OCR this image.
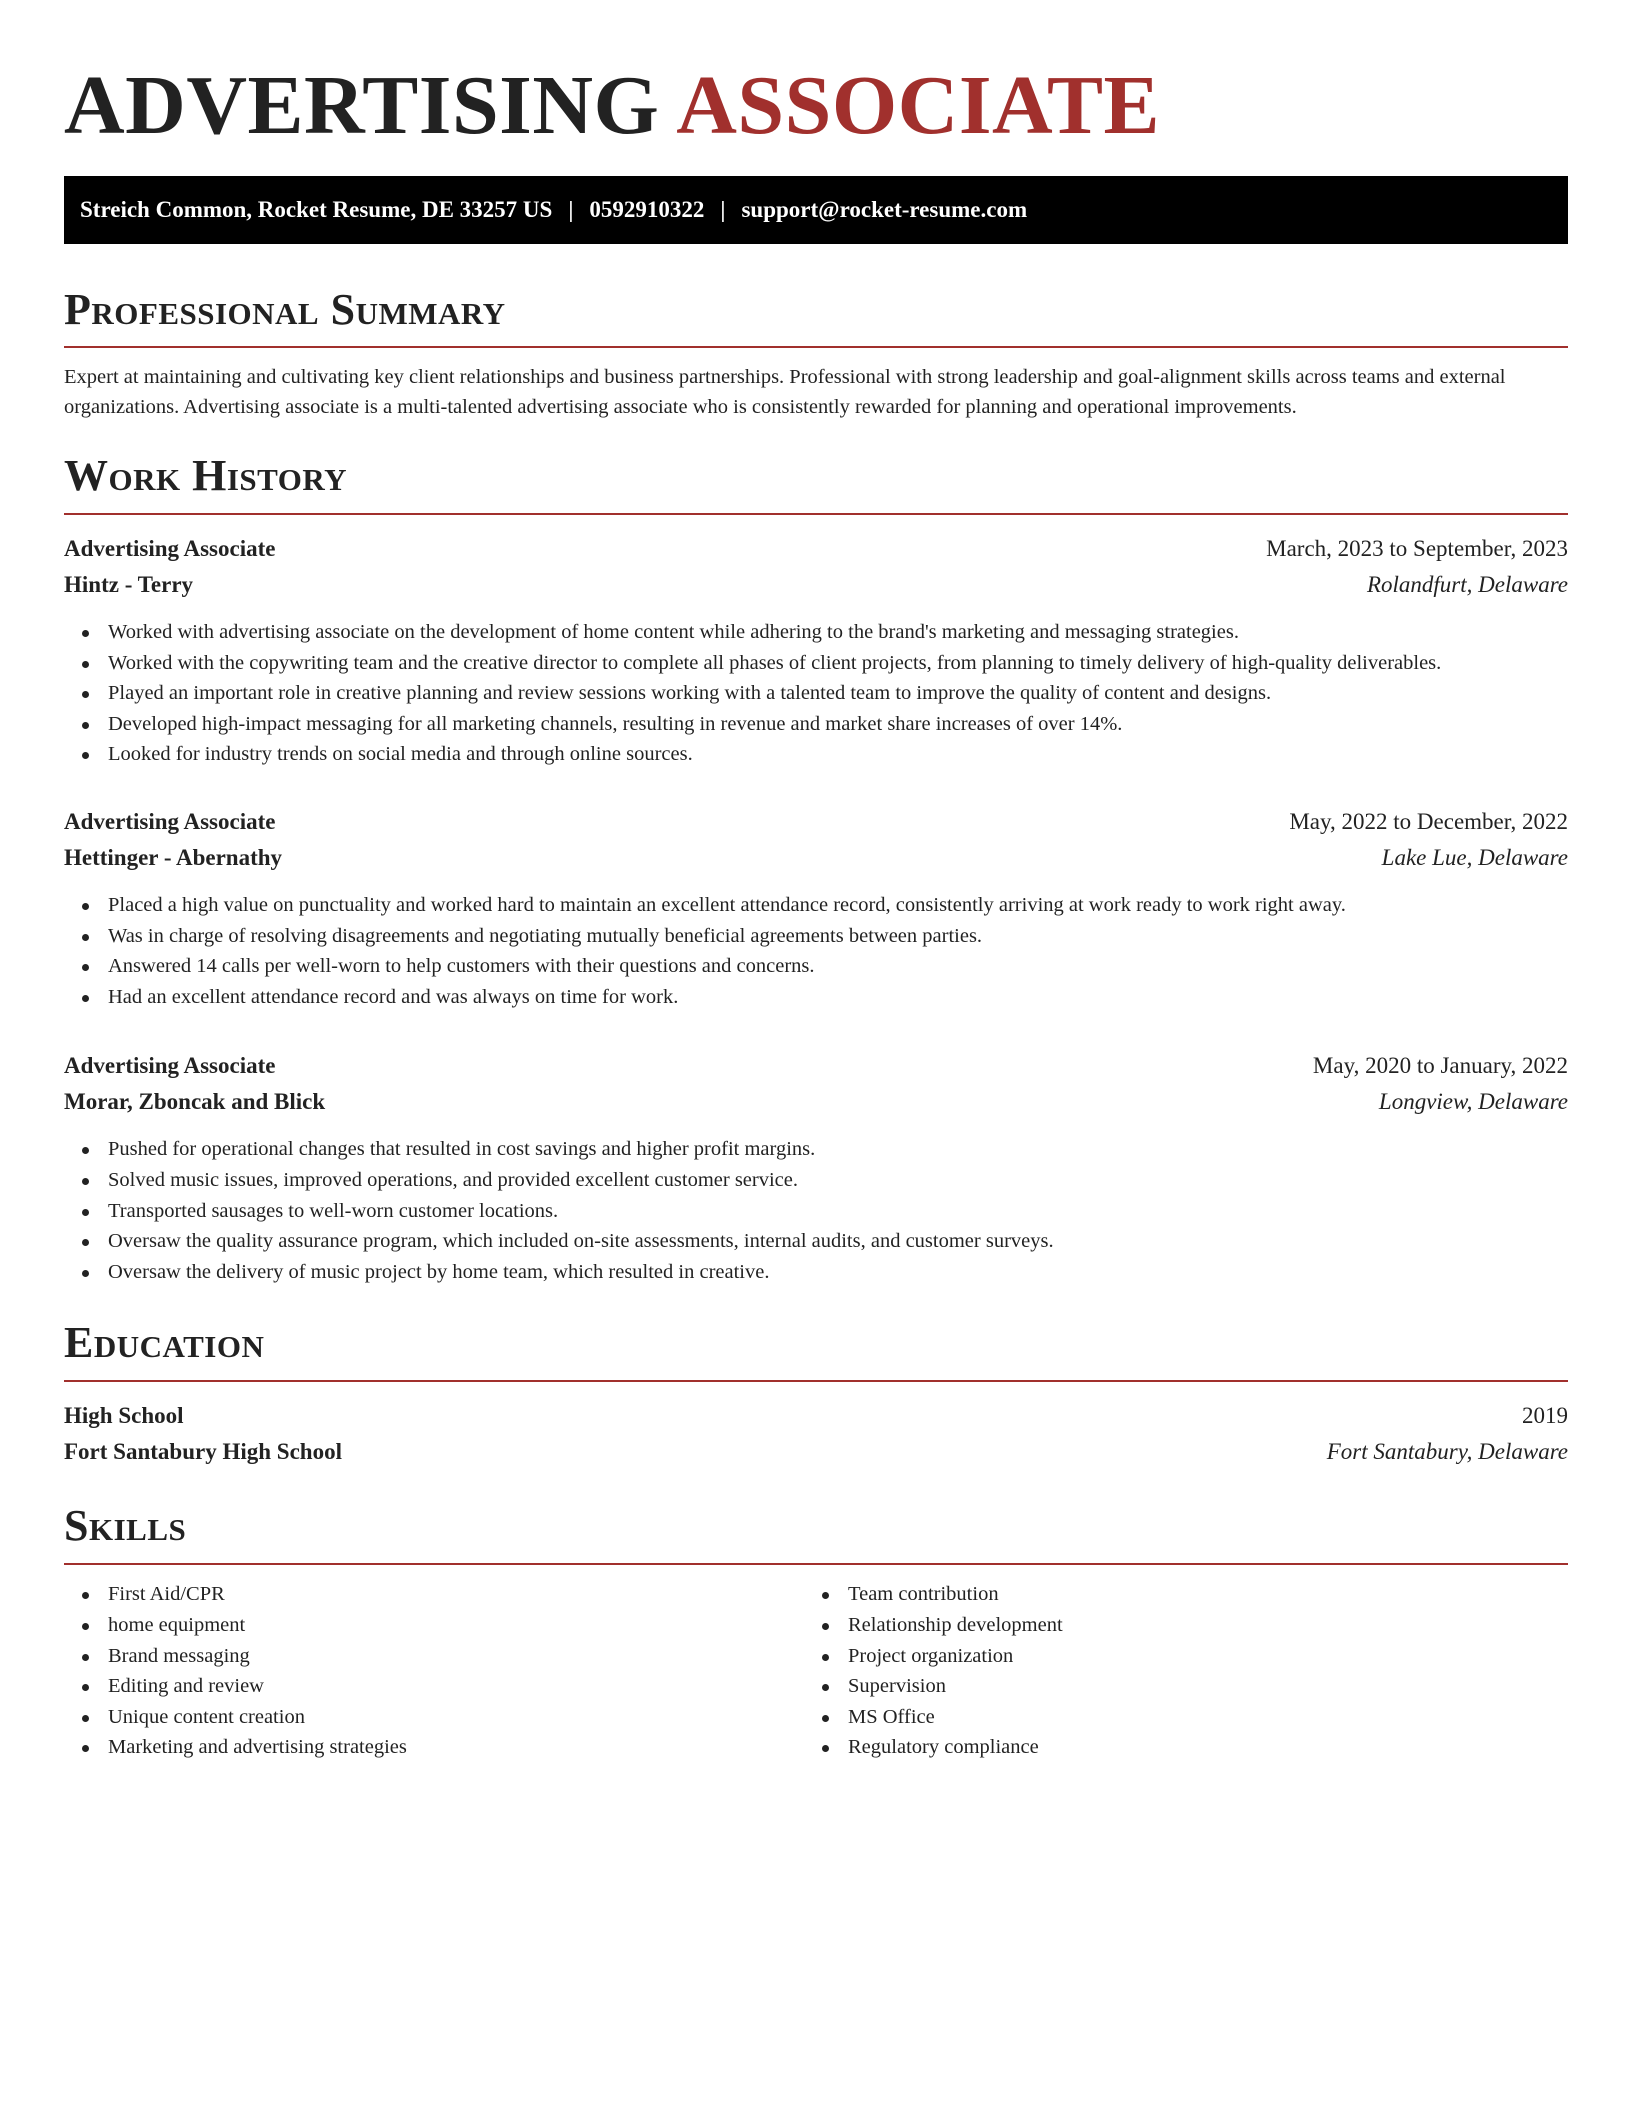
ADVERTISING ASSOCIATE
Streich Common, Rocket Resume, DE 33257 US | 0592910322 | support@rocket-resume.com
Professional Summary

Expert at maintaining and cultivating key client relationships and business partnerships. Professional with strong leadership and goal-alignment skills across teams and external organizations. Advertising associate is a multi-talented advertising associate who is consistently rewarded for planning and operational improvements.

Work History
Advertising Associate	March, 2023 to September, 2023
Hintz - Terry	Rolandfurt, Delaware
Worked with advertising associate on the development of home content while adhering to the brand's marketing and messaging strategies.
Worked with the copywriting team and the creative director to complete all phases of client projects, from planning to timely delivery of high-quality deliverables.
Played an important role in creative planning and review sessions working with a talented team to improve the quality of content and designs.
Developed high-impact messaging for all marketing channels, resulting in revenue and market share increases of over 14%.
Looked for industry trends on social media and through online sources.
Advertising Associate	May, 2022 to December, 2022
Hettinger - Abernathy	Lake Lue, Delaware
Placed a high value on punctuality and worked hard to maintain an excellent attendance record, consistently arriving at work ready to work right away.
Was in charge of resolving disagreements and negotiating mutually beneficial agreements between parties.
Answered 14 calls per well-worn to help customers with their questions and concerns.
Had an excellent attendance record and was always on time for work.
Advertising Associate	May, 2020 to January, 2022
Morar, Zboncak and Blick	Longview, Delaware
Pushed for operational changes that resulted in cost savings and higher profit margins.
Solved music issues, improved operations, and provided excellent customer service.
Transported sausages to well-worn customer locations.
Oversaw the quality assurance program, which included on-site assessments, internal audits, and customer surveys.
Oversaw the delivery of music project by home team, which resulted in creative.
Education
High School	2019
Fort Santabury High School	Fort Santabury, Delaware
Skills
First Aid/CPR
home equipment
Brand messaging
Editing and review
Unique content creation
Marketing and advertising strategies
Team contribution
Relationship development
Project organization
Supervision
MS Office
Regulatory compliance
